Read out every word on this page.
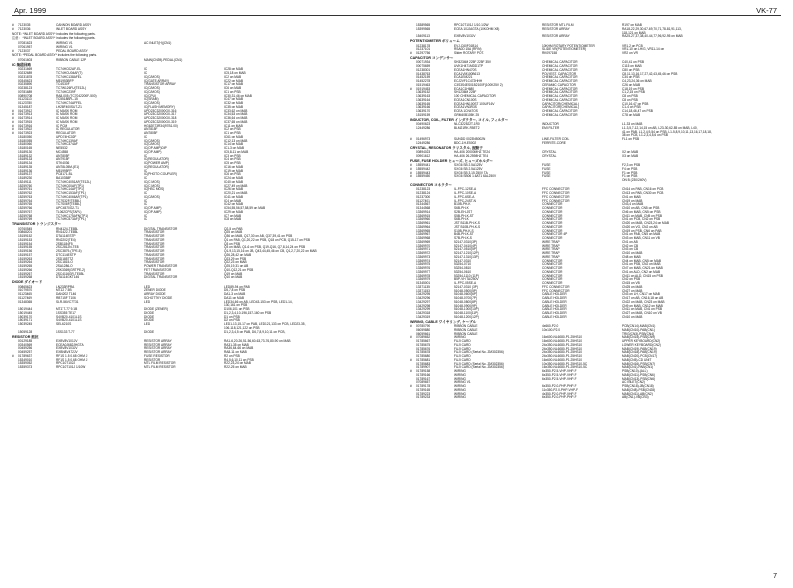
Apr. 1999	VK-77
#	7123035	CANNON BOARD ASSY
#	7123036	INLET BOARD ASSY
NOTE: *INLET BOARD ASSY* includes the following parts.
注意： *INLET BOARD ASSY* includes the following parts.
07081623	WIRING V1	AC INLET(H)(CN1)
07061957	WIRING V1
#	7123037	PEDAL BOARD ASSY
NOTE: *PEDAL BOARD ASSY* includes the following parts.
07061603	RIBBON CABLE 12P	MAIN(CN39)-PEDAL(CN1)
IC 集積回路
00231669	TC74HC02AF-EL	IC	IC28 on MAB
00232689	TC74HCU04AF(T)	IC	IC5,18 on MAB
00231878	TC74HC138AFEL	IC(C/MOS)	IC2 on MAB
00345623	M51953BFP	IC(GATE ARRAY)	IC22 on MAB
00235890	TC4S30F	TRANSISTOR ARRAY	IC17 on MAB
00238123	TC7W126FU(TE12L)	IC(C/MOS)	IC6 on MAB
00781689	TC74HC239F	IC(C/MOS)	IC1 on PSB
00890708	RA8-005 (TC7042200F-500)	IC(CPU)	IC30,31,46 on MAB
01123113	TC5518BFL-15	IC(SRAM)	IC47 on MAB
01123780	TC74HC74AFFEL	IC(C/MOS)	IC32 on MAB
01345187	LH28F400SUT-Z1	IC(FLASH MEMORY)	IC35 on MAB
#	01673912	IC MASK ROM	UPD23C32000GX-316	IC33,62 on MAB
#	01673913	IC MASK ROM	UPD23C32000GX-317	IC34,63 on MAB
#	01673914	IC MASK ROM	UPD23C32000GX-318	IC36,64 on MAB
#	01673915	IC MASK ROM	UPD23C32000GX-319	IC37,65 on MAB
#	01673916	IC PCM	HG62E73R34(97B1.00)	IC11 on MAB
#	01673922	IC REGULATOR	AN7815F	IC2 on PSB
#	01673923	REGULATOR	AN7805F	IC1 on PSB
15180050	UPD74HC02F	IC	IC61 on MAB
15180055	TC74HC139AF	IC(C/MOS)	IC12,13 on MAB
15180060	TC74HC374AF	IC(C/MOS)	IC14 on MAB
15180165	NE5532	IC(OP AMP)DIP	IC1-3 on MAB
15189130	MC4558	IC(OP AMP)	IC5,8-11 on MAB
15189132	AN7805F	IC	IC3 on PSB
15189133	AN7915F	IC(REGULATOR)	IC4 on PSB
15189134	STK4036	IC(POWER AMP)	IC5 on PSB
15189135	AN78L05M-(E1)	IC(REGULATOR)	IC16 on MAB
15189136	M51995FP	IC	IC19 on MAB
15189137	PC8171-BL	IC(PHOTO COUPLER)	IC6 on PSB
15189230	BA10358F	IC	IC24 on MAB
15249111	TC74HC4051AF(TE12L)	IC(C MOS)	IC40 on MAB
15259760	TC74HC00AF(TP1)	IC(C MOS)	IC27,49 on MAB
15259761	TC74HC14AF(TP1)	IC(HSC MOS)	IC26 on MAB
15259762	TC74HC153AF(TP1)	IC	IC20,21 on MAB
15259763	TC74HC4066AF(TP1)	IC(C/MOS)	IC41 on MAB
15259764	TC7S32F(TE85L)	IC	IC4 on MAB
15259765	TC7S08F(TE85L)	IC	IC42 on MAB
15259766	UPC4570G2-T1	IC(OP AMP)	IC54,55,56,57,58,59 on MAB
15259767	TL062CPS(TAPL)	IC(OP AMP)	IC29 on MAB
15259768	TC74HC175AFN(TP1)	IC	IC7 on MAB
15259769	TC74HC573AF(TP1)	IC	IC8 on MAB
TRANSISTOR トランジスター
00760545	RN4124-TE85L	DIGITAL TRANSISTOR	Q2-5 on PAB
00868201	RN1422-TE85L	TRANSISTOR	Q25 on MAB
15159152	DTA114ESTP	TRANSISTOR	Q36 on MAB, Q17,30 on AB, Q37,39,41 on PSB
15159153	RN2202(TE4)	TRANSISTOR	Q1 on PAB, Q1,20,22 on PSB, Q18 on PCB, Q15-17 on PSB
15159154	2SB1184F5	TRANSISTOR	Q3 on PSB
15159155	2SC2812N-TE8	TRANSISTOR	Q3 on MAB, Q1-6 on PSB, Q19-Q16, Q7,8,14,24 on PSB
15159156	2SC3879-(TPE-5)	TRANSISTOR	Q1-9,13,15,16 on JB, Q43,44,45,46 on CB, Q1,2,7,20,22 on MAB
15159157	DTC114ESTP	TRANSISTOR	Q26,28,42 on MAB
15159263	2SD1857TZ	TRANSISTOR	Q23,29 on PSB
15159264	2SC1815-O	TRANSISTOR	Q22,23 on MAB
15159265	2SA1286-O	POWER TRANSISTOR	Q25,19,31 on AB
15159266	2SK3369(GRTPE-2)	FET TRANSISTOR	Q10-Q12,21 on PSB
15159267	2SC4116GR-TE85L	TRANSISTOR	Q19 on MAB
15159268	DTA114GKT146	DIGITAL TRANSISTOR	Q10 on MAB
DIODE ダイオード
00865623	LN233RPRA	LED	LED89-94 on PAB
01079570	MTZJ 7.5B	ZENER DIODE	D5,7,8 on PSB
01123465	DAN202 T146	ARRAY DIODE	DA1-3 on MAB
01127469	RB715F T106	SCHOTTKY DIODE	DA11 on MAB
01348365	SLR-56VC7T31	LED	LED34-66 on AB, LED43-153 on PSB, LED1-14,
130,161 on PSB
15019444	MTZ T-77 9.1B	DIODE (ZENER)	D106,101 on PSB
15019445	1SS355 TE17	DIODE	D1,2,3,4,10-196,157-160 on PSB
15039170	S4VB20-4101L1S	DIODE	D1 on PSB
15039171	S4VB20-4101L1S	DIODE	D2 on PSB
15039245	SEL6210S	LED	LED1-13,15-17 on PAB, LED121,133 on PCB, LED23-35,
106-118,121,122 on PSB
15059128	1SS133 T-77	DIODE	D1,2,3,4,5 on PAB, D6,7,8,9,10,11 on PCB,
RESISTOR 抵抗
00129185	EXBV8V101JV	RESISTOR ARRAY	RA1-6,20-26,51-56,60-63,73-76,80-90 on MAB
00340569	ECEA0J682JHGTA	RESISTOR ARRAY	RA31-35 on MAB
00459256	EXBV8V103JV	RESISTOR ARRAY	RA36,64-66 on MAB
00459257	EXBN8V472JV	RESISTOR ARRAY	RA8-11 on MAB
#	01789637	RF1S 1.5 0.68 OHM J	FUSE RESISTOR	R2 on PSB
15349010	RF1S 1.5 0.68 OHM J	RESISTOR	R4,5,6,10,11 on PSB
15359052	RPC10T102J	MTL FILM RESISTOR	R22,23,24 on MAB
15359373	RPC10T101J 1/10W	MTL FILM RESISTOR	R22-25 on MAB
15389565	RPC10T101J 1/10.1/2W	RESISTOR MTL FILM	R197 on MAB
15399565	ECEA 10JJAGTA (10KOHM X8)	RESISTOR ARRAY	RA18-22,29,30,67-69,70,71,78-81,91,113,
118-121 on MAB
15409113	EXBV8V103JV	RESISTOR ARRAY	RA25-27,37,38,40-44,77,96,92-95 on MAB
POTENTIOMETER ボリューム
01238178	EVJ-C60F01B14	10KHM ROTARY POTENTIOMETER	VR1,2 on PCB
01237101	RSA0D 15A (RFIN)	SLIDE VR(POTENTIOMETER)	VR1-10 on LH/G, VR11-14 on
#	01297756	Slider ROTARY POT.	RK097158	VR2 on VR
CAPACITOR コンデンサー
00071934	SH3234M 225F 225F 35V	CHEMICAL CAPACITOR	C40,41 on PSB
00075659	UVK1H471MDD1TP	CHEMICAL CAPACITOR	C115 on MAB
01238301	ECEA1HN470S	CHEMICAL CAPACITOR	C80 on PSB
01438763	ECA1VM100B613	POLYEST. CAPACITOR	C8,11,13,16,17,27,42,43,45,46 on PSB
01452159	ECA1EM221	CHEMICAL CAPACITOR	C34 on PSB
01452278	ECJ2VF1C472HHH	CHEMICAL CAPACITOR	C4,23,24,36 on MAB
01519463	C3S3S4ES01B2100F(100K25V 2)	CERAMIC CAPACITOR	C26 on MAB
#	01919453	ECA1C1H680	CHEMICAL CAPACITOR	C18,19 on PSB
13639152	SH1236M 225F	CHEMICAL CAPACITOR	C1,2,15 on PSB
13639163	100 CHEMICAL CAPACITOR	CHEMICAL CAPACITOR	C8 on PSB
13639164	ECEA1CN100S	CHEMICAL CAPACITOR	C8 on PSB
13639165	ECEA1HN100ST 100UF16V	CAPACITOR(CHEMICAL)	C10,16,47 on PSB
13639166	ECEA1VN3R3S	CAPACITOR(CHEMICAL)	C1-4 on PSB
13639170	ECEA 1CN47OS	CHEMICAL CAPACITOR	C14,18,46,47 on PSB
15159159	GRM40B105K 25	CHEMICAL CAPACITOR	C78 on MAB
INDUCTOR, COIL, FILTER インダクター, コイル, フィルター
00490623	NLC322522T-1R0	INDUCTOR	L1-33 on MAB
12449286	BLM21RK-R5ET2	EMI FILTER	L1-3,5,7-12,14,15 on AB, L23-30,62-85 on MAB, L40,
41 on PAB, L1,2,4,9-54 on PSB, L1-5,8,9,10,11,13,16,17,18,18,
38 on PCB, L1-2,3,4,5,6 on PSB
#	01496973	SUNDD 0023NB002N	LINE-FILTER COIL	FL1 on PSB
12449286	BDC-1H-E5002	FERRITE-CORE
CRYSTAL, RESONATOR クリスタル, 振動子
00894023	HA-406 20000MHZ TE24	CRYSTAL	X2 on MAB
00901612	HA-406 26.2598HZ TE4	CRYSTAL	X3 on MAB
FUSE, FUSE HOLDER ヒューズ, ヒューズホルダー
#	15559441	SXG6 SB 2.5A125V	FUSE	F2,3 on PSB
#	15559442	SXG6 SB 2.5A125V	FUSE	F4 on PSB
#	15559443	SXG6 SB 3.15 250V TA	FUSE	F1 on PSB
#	15559450	SXG6 SB06 1.6AT1 6AL250V	FUSE	F1 on PSB
ON B (230/240V)
CONNECTOR コネクター
01238123	IL-FPC-12SE-A	FFC CONNECTOR	CN14 on PAB, CN16 on PCB
01238124	IL-FPC-10SE-A	FFC CONNECTOR	CN13 on PAB, CN30 on PCB
01237300	IL-FPC-6SE-A	FFC CONNECTOR	CN1 on MAB
01127401	IL-FPC-24ST-N	FFC CONNECTOR	CN19 on MAB
01344567	B10B-PH-K	CONNECTOR	CN3,4 on MAB
01344568	S6B-PH-K	CONNECTOR	CN10 on AB, CN5 on PSB
13369914	S2B-EH-JST	CONNECTOR	CN6 on MAB, CN5 on PSB
13369915	S5B-PH-K-ST	CONNECTOR	CN11 on MAB, CN5 on PSB
13369960	S6B-PH-K	CONNECTOR	CN1 on PCB, CN2 on PSB
13369961	JST B11B-PH-K-S	CONNECTOR	CN20 on MAB, CN23,24 on MAB
13369964	JST B10B-PH-K-S	CONNECTOR	CN20 on VG, CN2 on AB
13369965	S10B-PH-K-S	CONNECTOR	CN19 on PSB, CN6 on PAB
13369967	B4B-PH-K-ST	CONNECTOR 4P	CN1 on PAB, CN5 on MAB
13369968	S7B-PH-K-S	CONNECTOR	CN3 on MAB, CN11 on VB
13369969	52147-0310(3P)	WIRE TRAP	CN1 on AB
13369970	52147-0410(4P)	WIRE TRAP	CN2 on CB
13369971	52147-0510(5P)	WIRE TRAP	CN3 on CB
13369972	52147-1210(12P)	WIRE TRAP	CN10 on MAB
13369973	52147-1310(13P)	WIRE TRAP	CN8 on MAB
13369974	52147-0310	CONNECTOR	CN4 on MAB, CN5 on MAB
13369975	53254-0710	CONNECTOR	CN1 on PSB, CN2 on MAB
13369976	53254-0810	CONNECTOR	CN7 on MAB, CN21 on MAB
13369977	53254-0610	CONNECTOR	CN1 on ALD, CN2 on MAB
13369978	53254-1110 (11P)	CONNECTOR	CN11 on ALD, CN15 on PSB
13369979	B5P-VH TA/250V	CONNECTOR	CN2 on PSB
01345001	IL-FPC-05SE-A	CONNECTOR	CN15 on VB
13371135	52147-0310 (3P)	FFC CONNECTOR	CN25 on MAB
13371153	51048-0500(5P)	FFC CONNECTOR	CN27 on MAB
13429295	51048-0600(6P)	CABLE HOLDER	CN3 on LH, CN17 on MAB
13429296	51048-0700(7P)	CABLE HOLDER	CN17 on AB, CN16,18 on AB
13429297	51048-0800(8P)	CABLE HOLDER	CN22 on MAB, CN23 on MAB
13429298	51048-0900(9P)	CABLE HOLDER	CN9 on MAB, CN12 on MAB
13429299	51048-1000(10P)	CABLE HOLDER	CN11 on MAB, CN1 on PSB
13429318	51048-1100(11P)	CABLE HOLDER	CN27 on MAB, CN10 on VB
13429319	51048-1200(12P)	CABLE HOLDER	CN10 on MAB
WIRING, CABLE ワイヤリング, ケーブル
#	00780790	RIBBON CABLE	4x660-P2.0	PCB(CN14)-MAB(CN1)
06059880	RIBBON CABLE	10x100-P2.0	MAB(CN10)-PAB(CN1)
06059661	RIBBON CABLE	TRIG(CN3)-PSB(CN4)
#	07089652	WIRING	16x600-NL6080-P1.25HS10	MAB(CN15)-PSB(CN9)
01785667	FUJI CARD	16x600-NL6080-P1.25HS10	UPPER KEYBOARD(CN2)
01785675	FUJI CARD	24x350-NL6080-P1.25HS10	LOWER KEYBOARD(CN2)
01785676	FUJI CARD	24x350-NL6080-P1.25HS10	MAB(CN19)-PAB(CN19)
01785678	FUJI CARD (Serial No. ZM302356)	24x350-NL6080-P1.25HS10	MAB(CN18)-PAB(CN19)
01785680	FUJI CARD	24x350-NL6080-P1.25HS10	MAB(CN20)-PCB(CN17)
#	01785681	FUJI CARD	16x600-NL6080-P1.25HS10	MAB(CN5)-CD UNIT
01785683	FUJI CARD (Serial No. ZM302356)	10x350-NL6080-P1.25HS10-5C	MAB(CN16)-PSB(CN7)
01789907	FUJI CARD (Serial No. ZM302356)	16x350-NL6080-P1.25HS10-5C	MAB(CN1)-PAB(CN1)
#	01789158	WIRING	6x350-P2.5-VHP-VHP-F	PSB(CN10)-(ALL)
01789166	WIRING	6x350-P2.5-VHP-VHP-F	MAB(CN11)-PSB(CN6)
01789167	WIRING	6x350-P2.5-VHP-VHP-F	MAB(CN13)-PSB(CN6)
07089657	WIRING V1	AC INLET(CN2)
#	01789178	WIRING	6x350-P2.0-PHP-PHP-F	PSB(CN18)-JB(CN18)
01789165	WIRING	11x350-P2.0-PHP-VHP-F	MAB(CN8)-PSB(CN28)
01789223	WIRING	4x350-P2.0-PHP-VHP-F	MAB(CN11)-AB(CN2)
01789233	WIRING	6x350-P2.0-PHP-PHP-F	AB(CN1)-VB(CN3)
7
